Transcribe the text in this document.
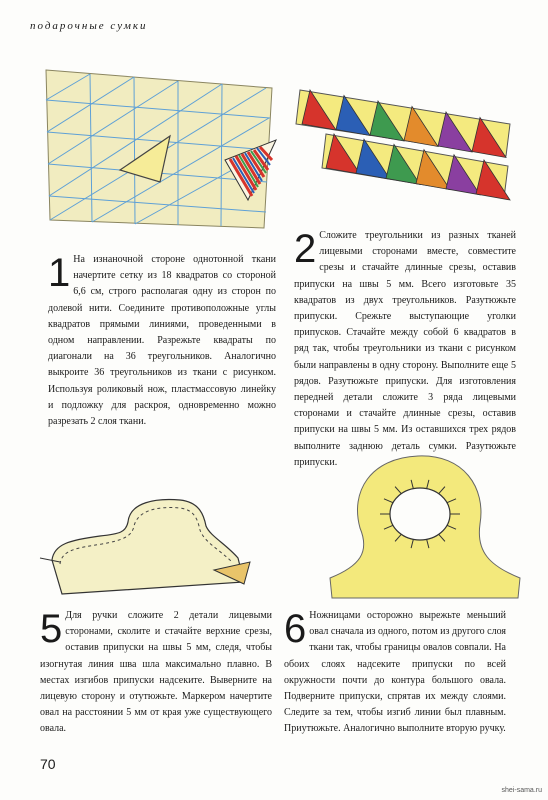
подарочные сумки
1 На изнаночной стороне однотонной ткани начертите сетку из 18 квадратов со стороной 6,6 см, строго располагая одну из сторон по долевой нити. Соедините противоположные углы квадратов прямыми линиями, проведенными в одном направлении. Разрежьте квадраты по диагонали на 36 треугольников. Аналогично выкроите 36 треугольников из ткани с рисунком. Используя роликовый нож, пластмассовую линейку и подложку для раскроя, одновременно можно разрезать 2 слоя ткани.
2 Сложите треугольники из разных тканей лицевыми сторонами вместе, совместите срезы и стачайте длинные срезы, оставив припуски на швы 5 мм. Всего изготовьте 35 квадратов из двух треугольников. Разутюжьте припуски. Срежьте выступающие уголки припусков. Стачайте между собой 6 квадратов в ряд так, чтобы треугольники из ткани с рисунком были направлены в одну сторону. Выполните еще 5 рядов. Разутюжьте припуски. Для изготовления передней детали сложите 3 ряда лицевыми сторонами и стачайте длинные срезы, оставив припуски на швы 5 мм. Из оставшихся трех рядов выполните заднюю деталь сумки. Разутюжьте припуски.
5 Для ручки сложите 2 детали лицевыми сторонами, сколите и стачайте верхние срезы, оставив припуски на швы 5 мм, следя, чтобы изогнутая линия шва шла максимально плавно. В местах изгибов припуски надсеките. Выверните на лицевую сторону и отутюжьте. Маркером начертите овал на расстоянии 5 мм от края уже существующего овала.
6 Ножницами осторожно вырежьте меньший овал сначала из одного, потом из другого слоя ткани так, чтобы границы овалов совпали. На обоих слоях надсеките припуски по всей окружности почти до контура большого овала. Подверните припуски, спрятав их между слоями. Следите за тем, чтобы изгиб линии был плавным. Приутюжьте. Аналогично выполните вторую ручку.
70
shei-sama.ru
